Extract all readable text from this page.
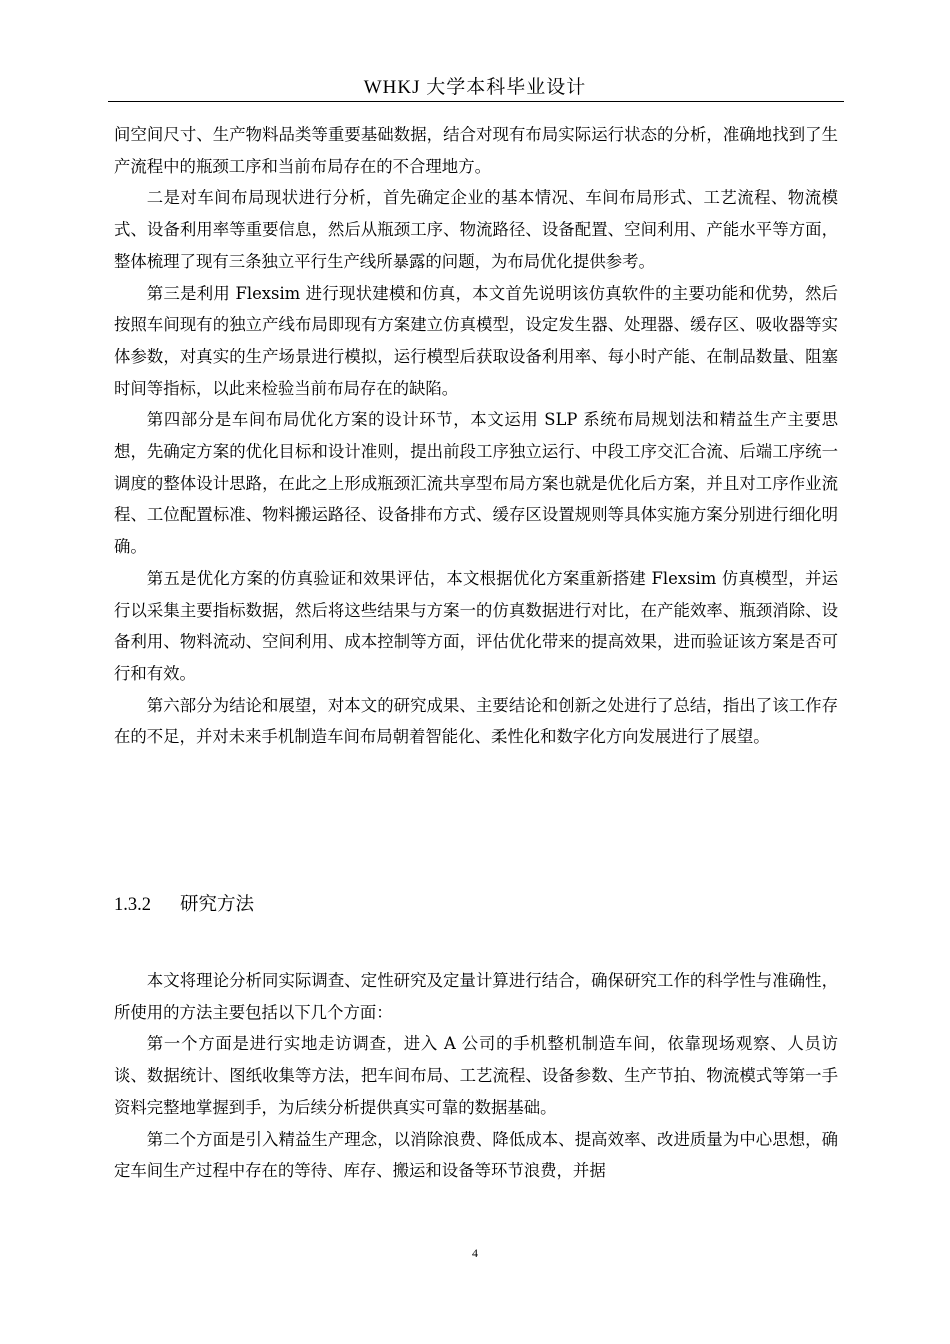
WHKJ 大学本科毕业设计

间空间尺寸、生产物料品类等重要基础数据，结合对现有布局实际运行状态的分析，准确地找到了生产流程中的瓶颈工序和当前布局存在的不合理地方。

二是对车间布局现状进行分析，首先确定企业的基本情况、车间布局形式、工艺流程、物流模式、设备利用率等重要信息，然后从瓶颈工序、物流路径、设备配置、空间利用、产能水平等方面，整体梳理了现有三条独立平行生产线所暴露的问题，为布局优化提供参考。

第三是利用 Flexsim 进行现状建模和仿真，本文首先说明该仿真软件的主要功能和优势，然后按照车间现有的独立产线布局即现有方案建立仿真模型，设定发生器、处理器、缓存区、吸收器等实体参数，对真实的生产场景进行模拟，运行模型后获取设备利用率、每小时产能、在制品数量、阻塞时间等指标，以此来检验当前布局存在的缺陷。

第四部分是车间布局优化方案的设计环节，本文运用 SLP 系统布局规划法和精益生产主要思想，先确定方案的优化目标和设计准则，提出前段工序独立运行、中段工序交汇合流、后端工序统一调度的整体设计思路，在此之上形成瓶颈汇流共享型布局方案也就是优化后方案，并且对工序作业流程、工位配置标准、物料搬运路径、设备排布方式、缓存区设置规则等具体实施方案分别进行细化明确。

第五是优化方案的仿真验证和效果评估，本文根据优化方案重新搭建 Flexsim 仿真模型，并运行以采集主要指标数据，然后将这些结果与方案一的仿真数据进行对比，在产能效率、瓶颈消除、设备利用、物料流动、空间利用、成本控制等方面，评估优化带来的提高效果，进而验证该方案是否可行和有效。

第六部分为结论和展望，对本文的研究成果、主要结论和创新之处进行了总结，指出了该工作存在的不足，并对未来手机制造车间布局朝着智能化、柔性化和数字化方向发展进行了展望。

1.3.2 研究方法

本文将理论分析同实际调查、定性研究及定量计算进行结合，确保研究工作的科学性与准确性，所使用的方法主要包括以下几个方面：

第一个方面是进行实地走访调查，进入 A 公司的手机整机制造车间，依靠现场观察、人员访谈、数据统计、图纸收集等方法，把车间布局、工艺流程、设备参数、生产节拍、物流模式等第一手资料完整地掌握到手，为后续分析提供真实可靠的数据基础。

第二个方面是引入精益生产理念，以消除浪费、降低成本、提高效率、改进质量为中心思想，确定车间生产过程中存在的等待、库存、搬运和设备等环节浪费，并据

4
